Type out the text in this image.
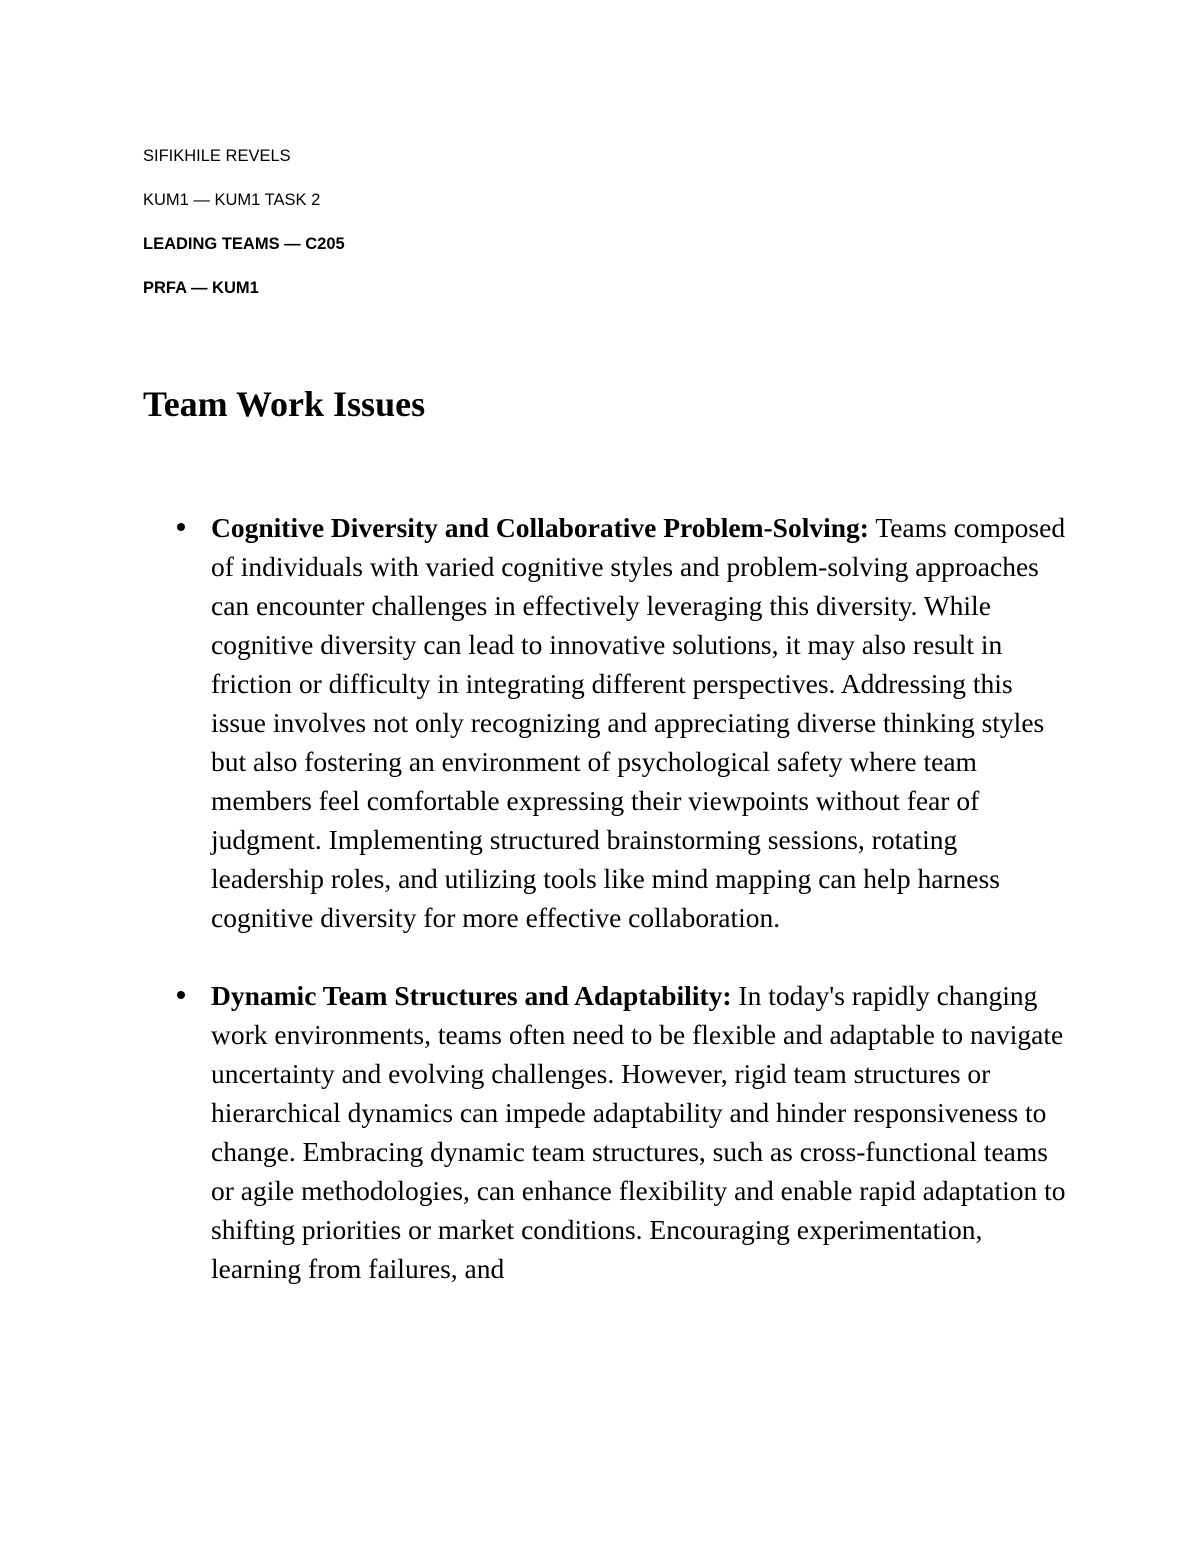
SIFIKHILE REVELS
KUM1 — KUM1 TASK 2
LEADING TEAMS — C205
PRFA — KUM1
Team Work Issues
Cognitive Diversity and Collaborative Problem-Solving: Teams composed of individuals with varied cognitive styles and problem-solving approaches can encounter challenges in effectively leveraging this diversity. While cognitive diversity can lead to innovative solutions, it may also result in friction or difficulty in integrating different perspectives. Addressing this issue involves not only recognizing and appreciating diverse thinking styles but also fostering an environment of psychological safety where team members feel comfortable expressing their viewpoints without fear of judgment. Implementing structured brainstorming sessions, rotating leadership roles, and utilizing tools like mind mapping can help harness cognitive diversity for more effective collaboration.
Dynamic Team Structures and Adaptability: In today's rapidly changing work environments, teams often need to be flexible and adaptable to navigate uncertainty and evolving challenges. However, rigid team structures or hierarchical dynamics can impede adaptability and hinder responsiveness to change. Embracing dynamic team structures, such as cross-functional teams or agile methodologies, can enhance flexibility and enable rapid adaptation to shifting priorities or market conditions. Encouraging experimentation, learning from failures, and
